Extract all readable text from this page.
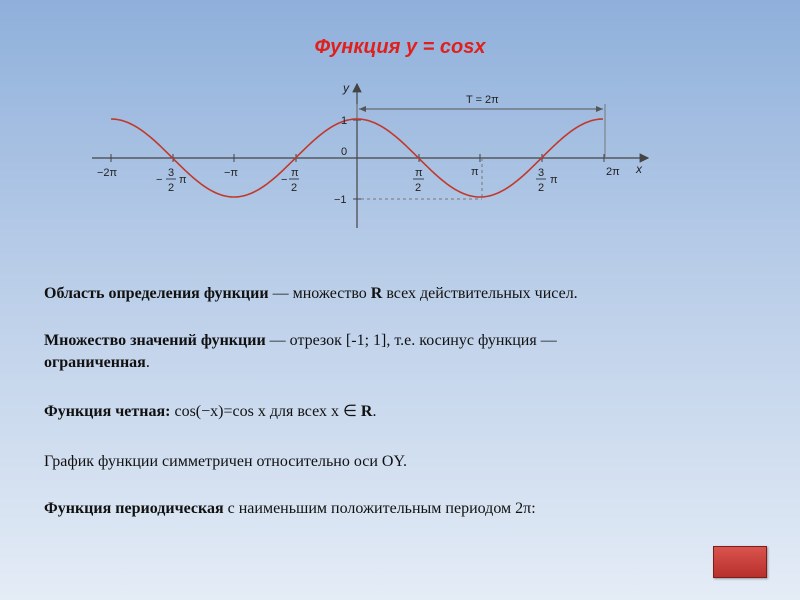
Функция y = cosx
T = 2π
y
x
1
0
−1
−2π
−
3
2
π
−π
−
π
2
π
2
π	3
2
π
2π
Область определения функции — множество R всех действительных чисел.
Множество значений функции — отрезок [-1; 1], т.е. косинус функция —
ограниченная.
Функция четная: cos(−x)=cos x для всех x ∈ R.
График функции симметричен относительно оси OY.
Функция периодическая с наименьшим положительным периодом 2π:
